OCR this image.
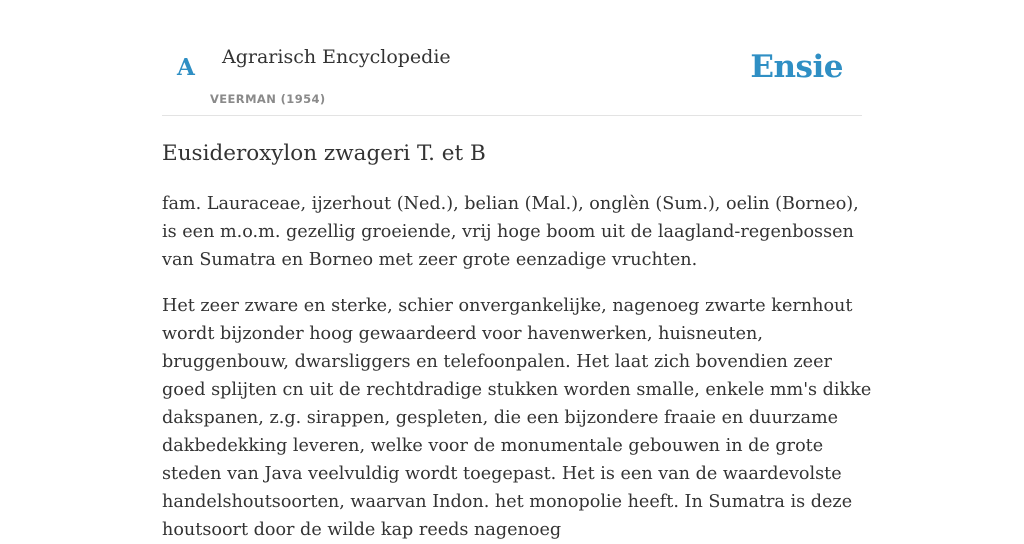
A Agrarisch Encyclopedie
VEERMAN (1954)
Ensie
Eusideroxylon zwageri T. et B

fam. Lauraceae, ijzerhout (Ned.), belian (Mal.), onglèn (Sum.), oelin (Borneo), is een m.o.m. gezellig groeiende, vrij hoge boom uit de laagland-regenbossen van Sumatra en Borneo met zeer grote eenzadige vruchten.

Het zeer zware en sterke, schier onvergankelijke, nagenoeg zwarte kernhout wordt bijzonder hoog gewaardeerd voor havenwerken, huisneuten, bruggenbouw, dwarsliggers en telefoonpalen. Het laat zich bovendien zeer goed splijten cn uit de rechtdradige stukken worden smalle, enkele mm's dikke dakspanen, z.g. sirappen, gespleten, die een bijzondere fraaie en duurzame dakbedekking leveren, welke voor de monumentale gebouwen in de grote steden van Java veelvuldig wordt toegepast. Het is een van de waardevolste handelshoutsoorten, waarvan Indon. het monopolie heeft. In Sumatra is deze houtsoort door de wilde kap reeds nagenoeg
